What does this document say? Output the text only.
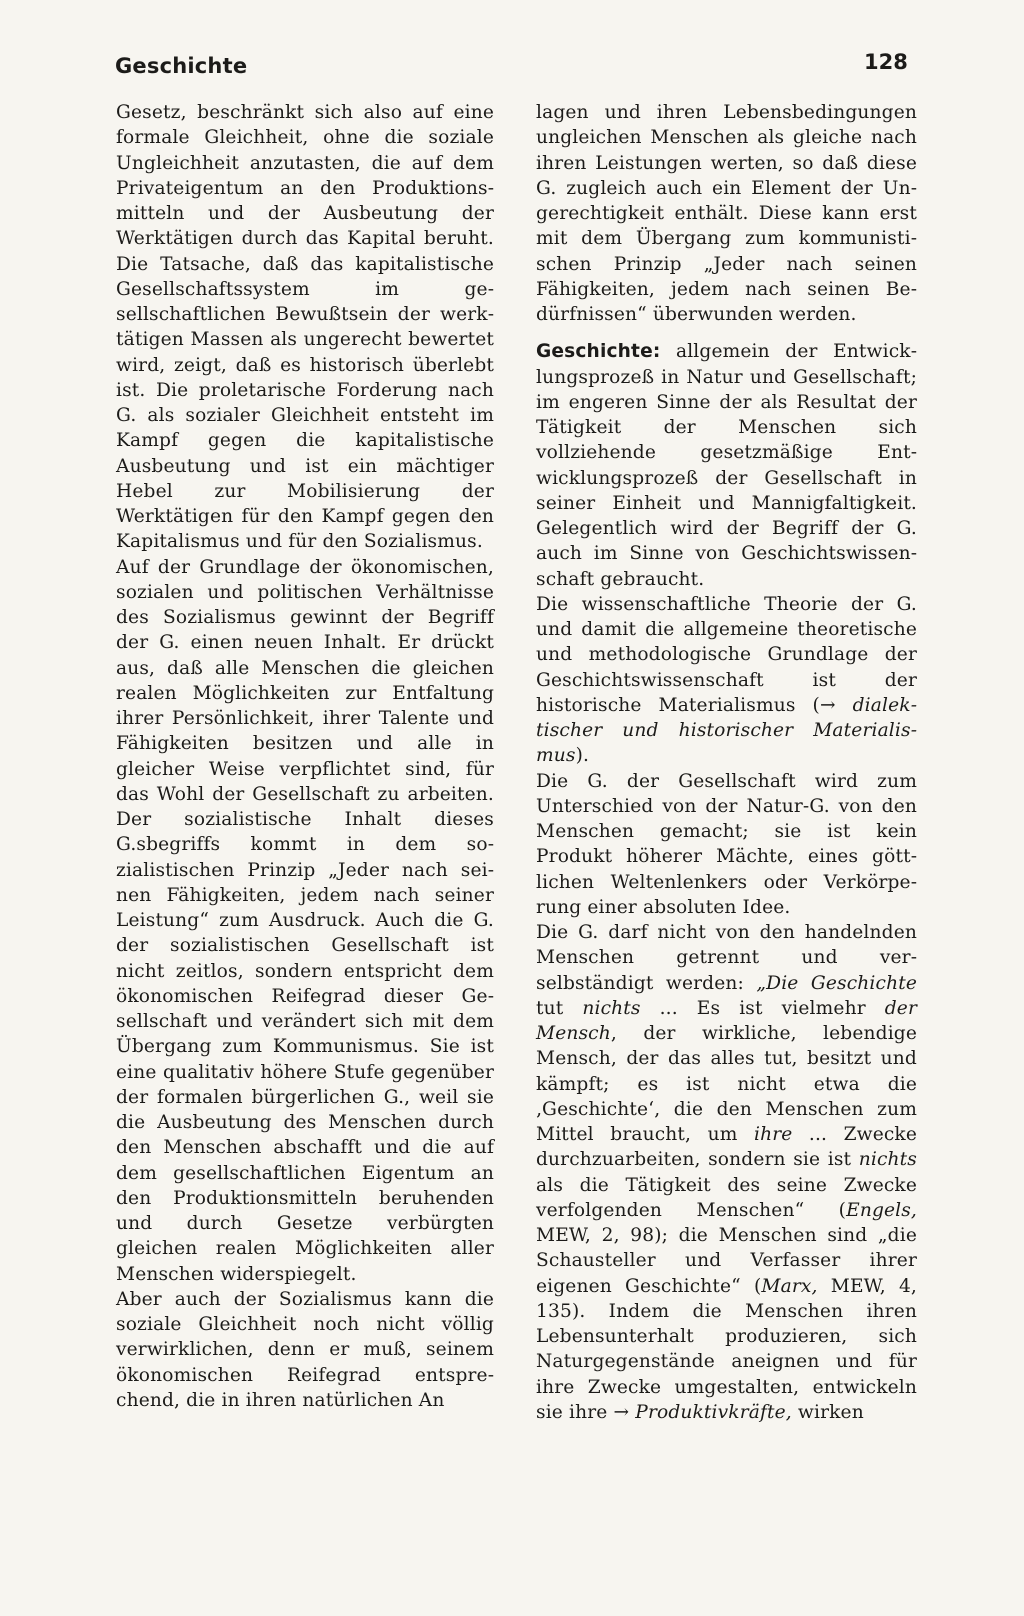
Geschichte	128

Gesetz, beschränkt sich also auf eine formale Gleichheit, ohne die soziale Ungleichheit anzutasten, die auf dem Privateigentum an den Produktionsmitteln und der Ausbeutung der Werktätigen durch das Kapital beruht. Die Tatsache, daß das kapitalistische Gesellschaftssystem im gesellschaftlichen Bewußtsein der werktätigen Massen als ungerecht bewertet wird, zeigt, daß es historisch überlebt ist. Die proletarische Forderung nach G. als sozialer Gleichheit entsteht im Kampf gegen die kapitalistische Ausbeutung und ist ein mächtiger Hebel zur Mobilisierung der Werktätigen für den Kampf gegen den Kapitalismus und für den Sozialismus.

Auf der Grundlage der ökonomischen, sozialen und politischen Verhältnisse des Sozialismus gewinnt der Begriff der G. einen neuen Inhalt. Er drückt aus, daß alle Menschen die gleichen realen Möglichkeiten zur Entfaltung ihrer Persönlichkeit, ihrer Talente und Fähigkeiten besitzen und alle in gleicher Weise verpflichtet sind, für das Wohl der Gesellschaft zu arbeiten. Der sozialistische Inhalt dieses G.sbegriffs kommt in dem sozialistischen Prinzip „Jeder nach seinen Fähigkeiten, jedem nach seiner Leistung“ zum Ausdruck. Auch die G. der sozialistischen Gesellschaft ist nicht zeitlos, sondern entspricht dem ökonomischen Reifegrad dieser Gesellschaft und verändert sich mit dem Übergang zum Kommunismus. Sie ist eine qualitativ höhere Stufe gegenüber der formalen bürgerlichen G., weil sie die Ausbeutung des Menschen durch den Menschen abschafft und die auf dem gesellschaftlichen Eigentum an den Produktionsmitteln beruhenden und durch Gesetze verbürgten gleichen realen Möglichkeiten aller Menschen widerspiegelt.

Aber auch der Sozialismus kann die soziale Gleichheit noch nicht völlig verwirklichen, denn er muß, seinem ökonomischen Reifegrad entsprechend, die in ihren natürlichen An

lagen und ihren Lebensbedingungen ungleichen Menschen als gleiche nach ihren Leistungen werten, so daß diese G. zugleich auch ein Element der Ungerechtigkeit enthält. Diese kann erst mit dem Übergang zum kommunistischen Prinzip „Jeder nach seinen Fähigkeiten, jedem nach seinen Bedürfnissen“ überwunden werden.

Geschichte: allgemein der Entwicklungsprozeß in Natur und Gesellschaft; im engeren Sinne der als Resultat der Tätigkeit der Menschen sich vollziehende gesetzmäßige Entwicklungsprozeß der Gesellschaft in seiner Einheit und Mannigfaltigkeit. Gelegentlich wird der Begriff der G. auch im Sinne von Geschichtswissenschaft gebraucht.

Die wissenschaftliche Theorie der G. und damit die allgemeine theoretische und methodologische Grundlage der Geschichtswissenschaft ist der historische Materialismus (→ dialektischer und historischer Materialismus).

Die G. der Gesellschaft wird zum Unterschied von der Natur-G. von den Menschen gemacht; sie ist kein Produkt höherer Mächte, eines göttlichen Weltenlenkers oder Verkörperung einer absoluten Idee.

Die G. darf nicht von den handelnden Menschen getrennt und verselbständigt werden: „Die Geschichte tut nichts ... Es ist vielmehr der Mensch, der wirkliche, lebendige Mensch, der das alles tut, besitzt und kämpft; es ist nicht etwa die ‚Geschichte‘, die den Menschen zum Mittel braucht, um ihre ... Zwecke durchzuarbeiten, sondern sie ist nichts als die Tätigkeit des seine Zwecke verfolgenden Menschen“ (Engels, MEW, 2, 98); die Menschen sind „die Schausteller und Verfasser ihrer eigenen Geschichte“ (Marx, MEW, 4, 135). Indem die Menschen ihren Lebensunterhalt produzieren, sich Naturgegenstände aneignen und für ihre Zwecke umgestalten, entwickeln sie ihre → Produktivkräfte, wirken
